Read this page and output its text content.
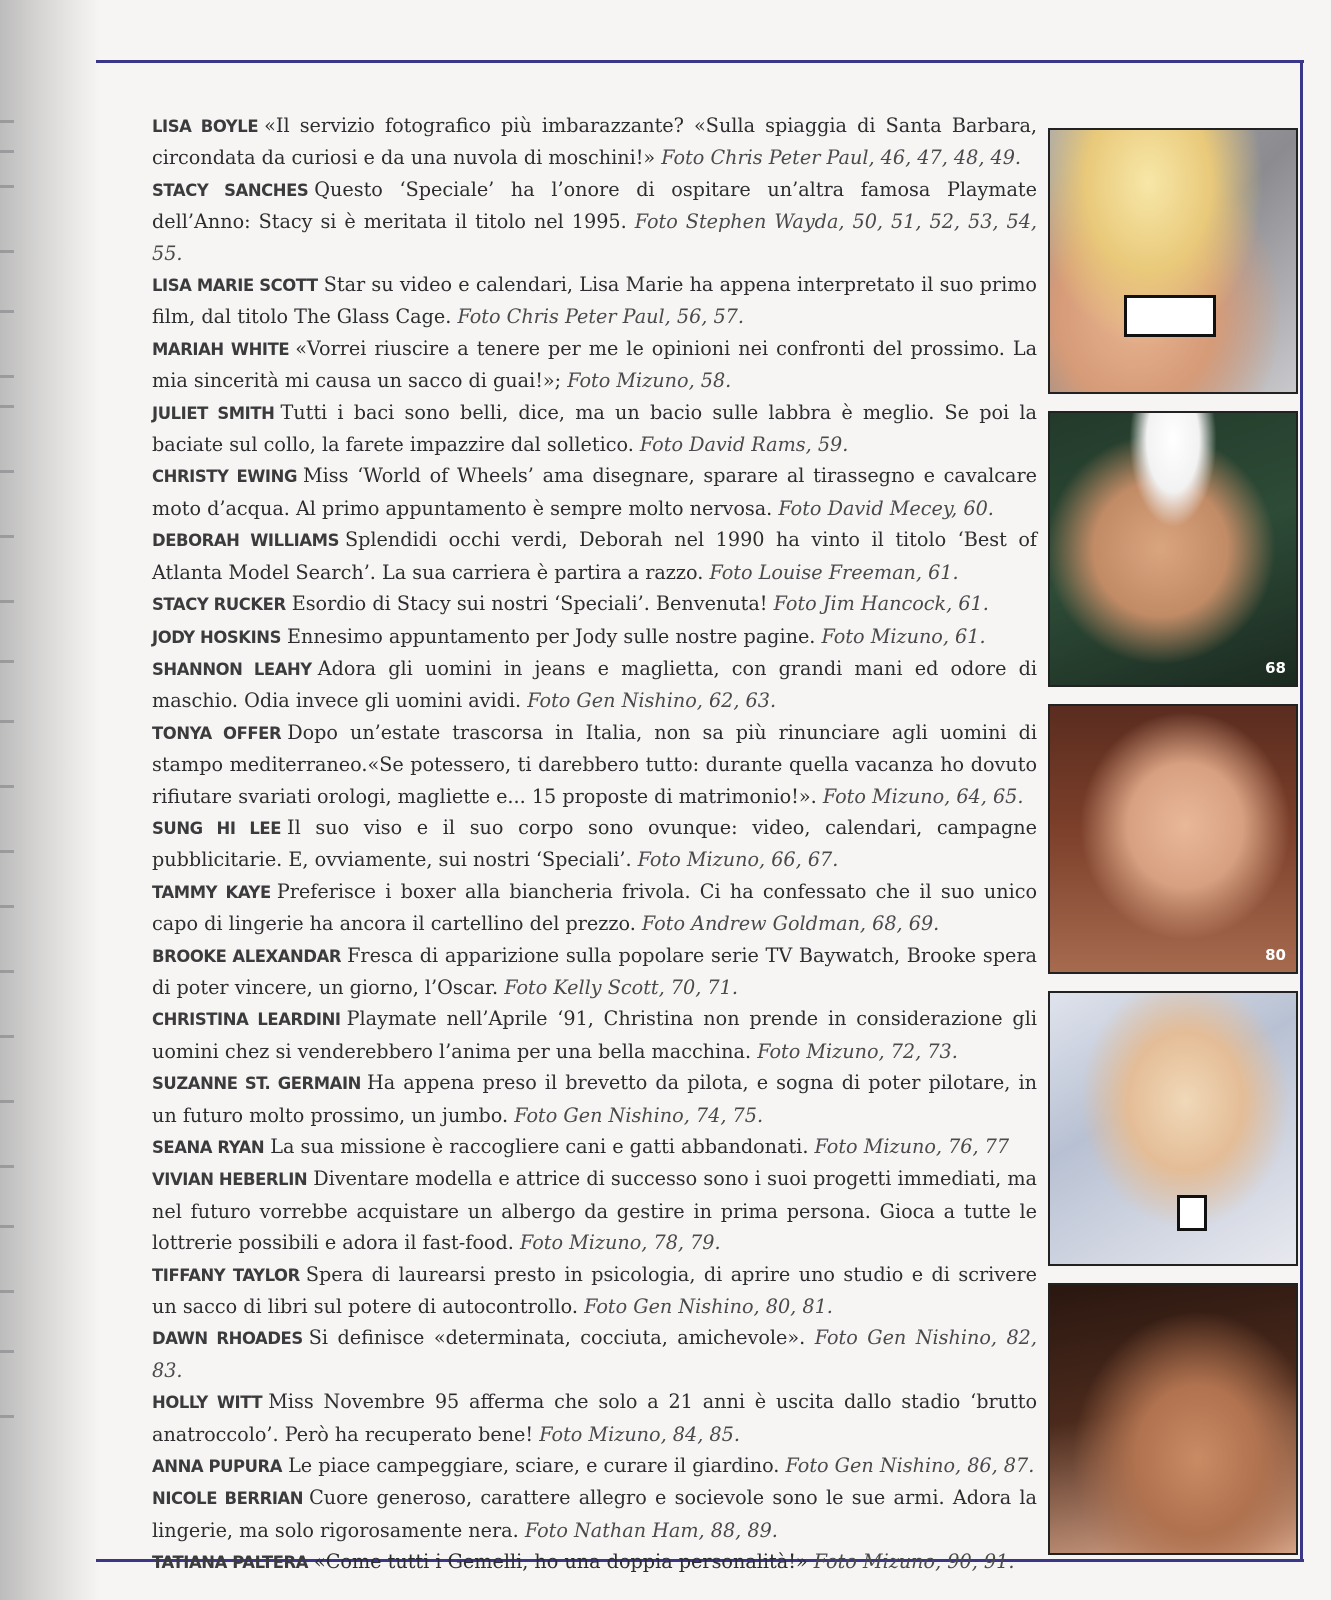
LISA BOYLE «Il servizio fotografico più imbarazzante? «Sulla spiaggia di Santa Barbara, circondata da curiosi e da una nuvola di moschini!» Foto Chris Peter Paul, 46, 47, 48, 49.

STACY SANCHES Questo ‘Speciale’ ha l’onore di ospitare un’altra famosa Playmate dell’Anno: Stacy si è meritata il titolo nel 1995. Foto Stephen Wayda, 50, 51, 52, 53, 54, 55.

LISA MARIE SCOTT Star su video e calendari, Lisa Marie ha appena interpretato il suo primo film, dal titolo The Glass Cage. Foto Chris Peter Paul, 56, 57.

MARIAH WHITE «Vorrei riuscire a tenere per me le opinioni nei confronti del prossimo. La mia sincerità mi causa un sacco di guai!»; Foto Mizuno, 58.

JULIET SMITH Tutti i baci sono belli, dice, ma un bacio sulle labbra è meglio. Se poi la baciate sul collo, la farete impazzire dal solletico. Foto David Rams, 59.

CHRISTY EWING Miss ‘World of Wheels’ ama disegnare, sparare al tirassegno e cavalcare moto d’acqua. Al primo appuntamento è sempre molto nervosa. Foto David Mecey, 60.

DEBORAH WILLIAMS Splendidi occhi verdi, Deborah nel 1990 ha vinto il titolo ‘Best of Atlanta Model Search’. La sua carriera è partira a razzo. Foto Louise Freeman, 61.

STACY RUCKER Esordio di Stacy sui nostri ‘Speciali’. Benvenuta! Foto Jim Hancock, 61.

JODY HOSKINS Ennesimo appuntamento per Jody sulle nostre pagine. Foto Mizuno, 61.

SHANNON LEAHY Adora gli uomini in jeans e maglietta, con grandi mani ed odore di maschio. Odia invece gli uomini avidi. Foto Gen Nishino, 62, 63.

TONYA OFFER Dopo un’estate trascorsa in Italia, non sa più rinunciare agli uomini di stampo mediterraneo.«Se potessero, ti darebbero tutto: durante quella vacanza ho dovuto rifiutare svariati orologi, magliette e... 15 proposte di matrimonio!». Foto Mizuno, 64, 65.

SUNG HI LEE Il suo viso e il suo corpo sono ovunque: video, calendari, campagne pubblicitarie. E, ovviamente, sui nostri ‘Speciali’. Foto Mizuno, 66, 67.

TAMMY KAYE Preferisce i boxer alla biancheria frivola. Ci ha confessato che il suo unico capo di lingerie ha ancora il cartellino del prezzo. Foto Andrew Goldman, 68, 69.

BROOKE ALEXANDAR Fresca di apparizione sulla popolare serie TV Baywatch, Brooke spera di poter vincere, un giorno, l’Oscar. Foto Kelly Scott, 70, 71.

CHRISTINA LEARDINI Playmate nell’Aprile ‘91, Christina non prende in considerazione gli uomini chez si venderebbero l’anima per una bella macchina. Foto Mizuno, 72, 73.

SUZANNE ST. GERMAIN Ha appena preso il brevetto da pilota, e sogna di poter pilotare, in un futuro molto prossimo, un jumbo. Foto Gen Nishino, 74, 75.

SEANA RYAN La sua missione è raccogliere cani e gatti abbandonati. Foto Mizuno, 76, 77

VIVIAN HEBERLIN Diventare modella e attrice di successo sono i suoi progetti immediati, ma nel futuro vorrebbe acquistare un albergo da gestire in prima persona. Gioca a tutte le lottrerie possibili e adora il fast-food. Foto Mizuno, 78, 79.

TIFFANY TAYLOR Spera di laurearsi presto in psicologia, di aprire uno studio e di scrivere un sacco di libri sul potere di autocontrollo. Foto Gen Nishino, 80, 81.

DAWN RHOADES Si definisce «determinata, cocciuta, amichevole». Foto Gen Nishino, 82, 83.

HOLLY WITT Miss Novembre 95 afferma che solo a 21 anni è uscita dallo stadio ‘brutto anatroccolo’. Però ha recuperato bene! Foto Mizuno, 84, 85.

ANNA PUPURA Le piace campeggiare, sciare, e curare il giardino. Foto Gen Nishino, 86, 87.

NICOLE BERRIAN Cuore generoso, carattere allegro e socievole sono le sue armi. Adora la lingerie, ma solo rigorosamente nera. Foto Nathan Ham, 88, 89.

TATIANA PALTERA «Come tutti i Gemelli, ho una doppia personalità!» Foto Mizuno, 90, 91.

68
80
